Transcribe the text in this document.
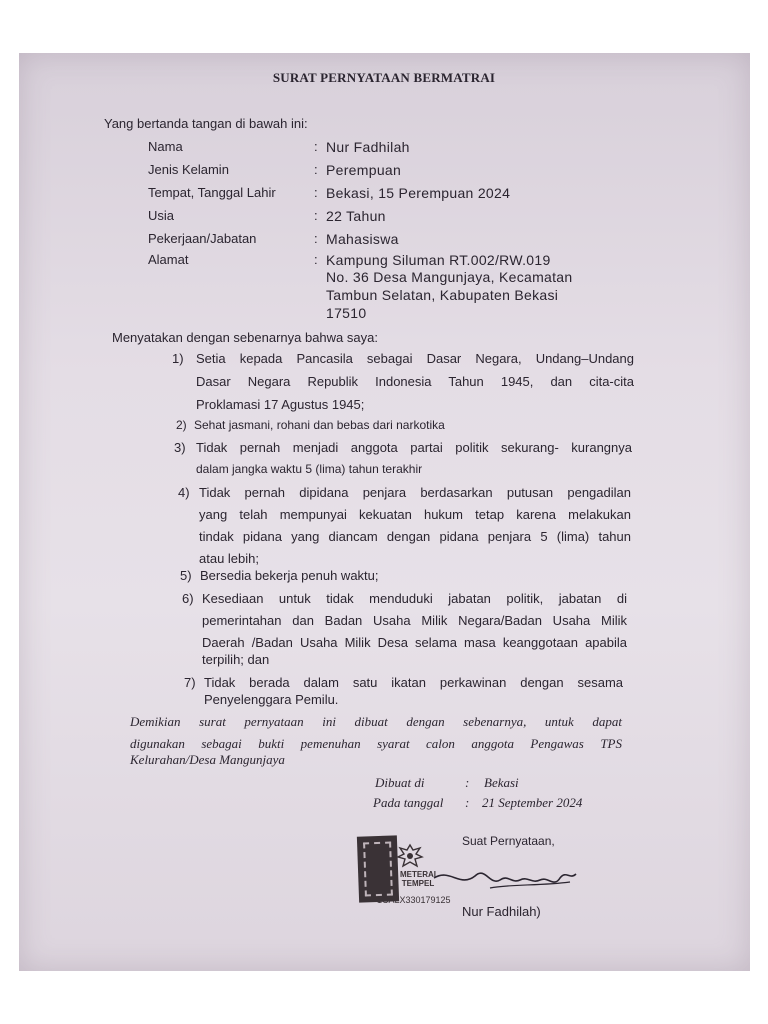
SURAT PERNYATAAN BERMATRAI
Yang bertanda tangan di bawah ini:
Nama	: Nur Fadhilah
Jenis Kelamin	: Perempuan
Tempat, Tanggal Lahir	: Bekasi, 15 Perempuan 2024
Usia	: 22 Tahun
Pekerjaan/Jabatan	: Mahasiswa
Alamat	: Kampung Siluman RT.002/RW.019
No. 36 Desa Mangunjaya, Kecamatan
Tambun Selatan, Kabupaten Bekasi
17510
Menyatakan dengan sebenarnya bahwa saya:
1) Setia kepada Pancasila sebagai Dasar Negara, Undang–Undang
Dasar Negara Republik Indonesia Tahun 1945, dan cita-cita
Proklamasi 17 Agustus 1945;
2) Sehat jasmani, rohani dan bebas dari narkotika
3) Tidak pernah menjadi anggota partai politik sekurang- kurangnya
dalam jangka waktu 5 (lima) tahun terakhir
4) Tidak pernah dipidana penjara berdasarkan putusan pengadilan
yang telah mempunyai kekuatan hukum tetap karena melakukan
tindak pidana yang diancam dengan pidana penjara 5 (lima) tahun
atau lebih;
5) Bersedia bekerja penuh waktu;
6) Kesediaan untuk tidak menduduki jabatan politik, jabatan di
pemerintahan dan Badan Usaha Milik Negara/Badan Usaha Milik
Daerah /Badan Usaha Milik Desa selama masa keanggotaan apabila
terpilih; dan
7) Tidak berada dalam satu ikatan perkawinan dengan sesama
Penyelenggara Pemilu.
Demikian surat pernyataan ini dibuat dengan sebenarnya, untuk dapat
digunakan sebagai bukti pemenuhan syarat calon anggota Pengawas TPS
Kelurahan/Desa Mangunjaya
Dibuat di	: Bekasi
Pada tanggal : 21 September 2024
Suat Pernyataan,
METERAI
TEMPEL
1CALX330179125
Nur Fadhilah)
